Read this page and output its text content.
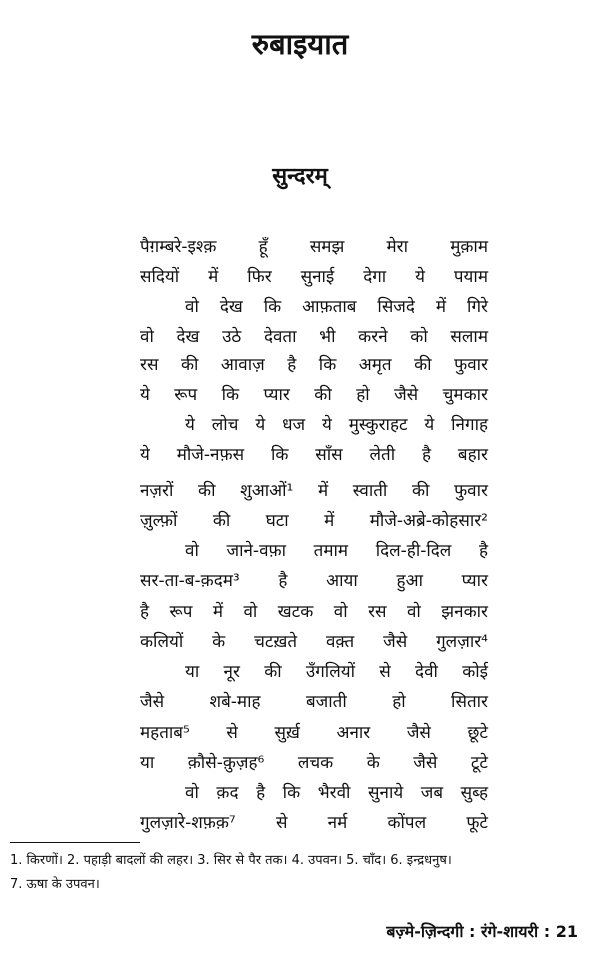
रुबाइयात
सुन्दरम्
पैग़म्बरे-इश्क़ हूँ समझ मेरा मुक़ाम
सदियों में फिर सुनाई देगा ये पयाम
वो देख कि आफ़ताब सिजदे में गिरे
वो देख उठे देवता भी करने को सलाम
रस की आवाज़ है कि अमृत की फुवार
ये रूप कि प्यार की हो जैसे चुमकार
ये लोच ये धज ये मुस्कुराहट ये निगाह
ये मौजे-नफ़स कि साँस लेती है बहार
नज़रों की शुआओं¹ में स्वाती की फुवार
ज़ुल्फ़ों की घटा में मौजे-अब्रे-कोहसार²
वो जाने-वफ़ा तमाम दिल-ही-दिल है
सर-ता-ब-क़दम³ है आया हुआ प्यार
है रूप में वो खटक वो रस वो झनकार
कलियों के चटख़ते वक़्त जैसे गुलज़ार⁴
या नूर की उँगलियों से देवी कोई
जैसे शबे-माह बजाती हो सितार
महताब⁵ से सुर्ख़ अनार जैसे छूटे
या क़ौसे-क़ुज़ह⁶ लचक के जैसे टूटे
वो क़द है कि भैरवी सुनाये जब सुब्ह
गुलज़ारे-शफ़क़⁷ से नर्म कोंपल फूटे
1. किरणों। 2. पहाड़ी बादलों की लहर। 3. सिर से पैर तक। 4. उपवन। 5. चाँद। 6. इन्द्रधनुष।
7. ऊषा के उपवन।
बज़्मे-ज़िन्दगी : रंगे-शायरी : 21
